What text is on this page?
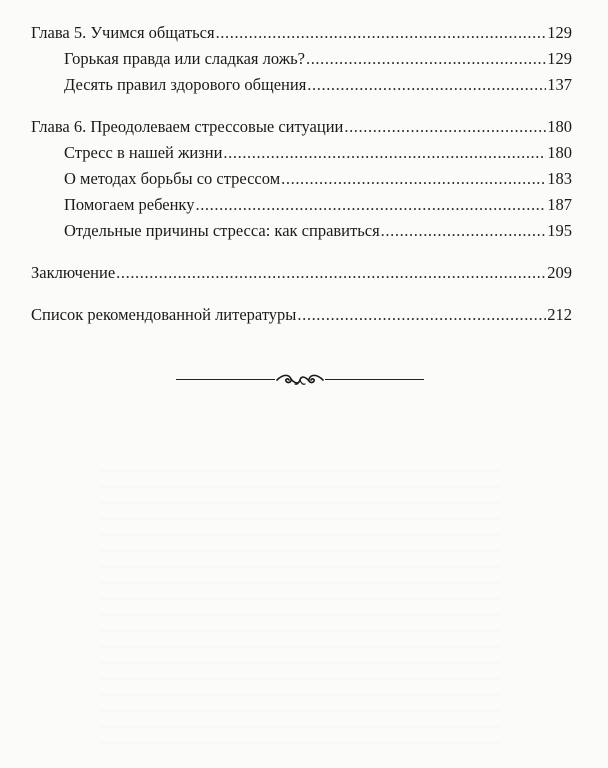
Глава 5. Учимся общаться .....	129
Горькая правда или сладкая ложь? .....	129
Десять правил здорового общения .....	137
Глава 6. Преодолеваем стрессовые ситуации .....	180
Стресс в нашей жизни .....	180
О методах борьбы со стрессом .....	183
Помогаем ребенку .....	187
Отдельные причины стресса: как справиться .....	195
Заключение .....	209
Список рекомендованной литературы .....	212
